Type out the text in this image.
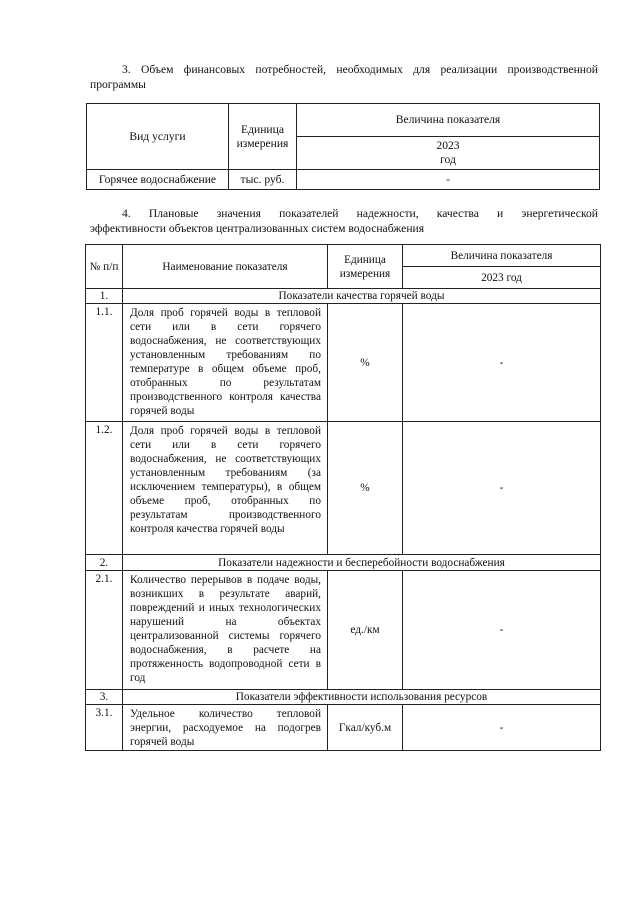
3. Объем финансовых потребностей, необходимых для реализации производственной
программы
Вид услуги	Единица измерения	Величина показателя

		2023
год

Горячее водоснабжение	тыс. руб.	-
4. Плановые значения показателей надежности, качества и энергетической
эффективности объектов централизованных систем водоснабжения
№ п/п	Наименование показателя	Единица измерения	Величина показателя
			2023 год
1.	Показатели качества горячей воды		
1.1.	Доля проб горячей воды в тепловой сети или в сети горячего водоснабжения, не соответствующих установленным требованиям по температуре в общем объеме проб, отобранных по результатам производственного контроля качества горячей воды	%	-
1.2.	Доля проб горячей воды в тепловой сети или в сети горячего водоснабжения, не соответствующих установленным требованиям (за исключением температуры), в общем объеме проб, отобранных по результатам производственного контроля качества горячей воды	%	-
2.	Показатели надежности и бесперебойности водоснабжения		
2.1.	Количество перерывов в подаче воды, возникших в результате аварий, повреждений и иных технологических нарушений на объектах централизованной системы горячего водоснабжения, в расчете на протяженность водопроводной сети в год	ед./км	-
3.	Показатели эффективности использования ресурсов		
3.1.	Удельное количество тепловой энергии, расходуемое на подогрев горячей воды	Гкал/куб.м	-
